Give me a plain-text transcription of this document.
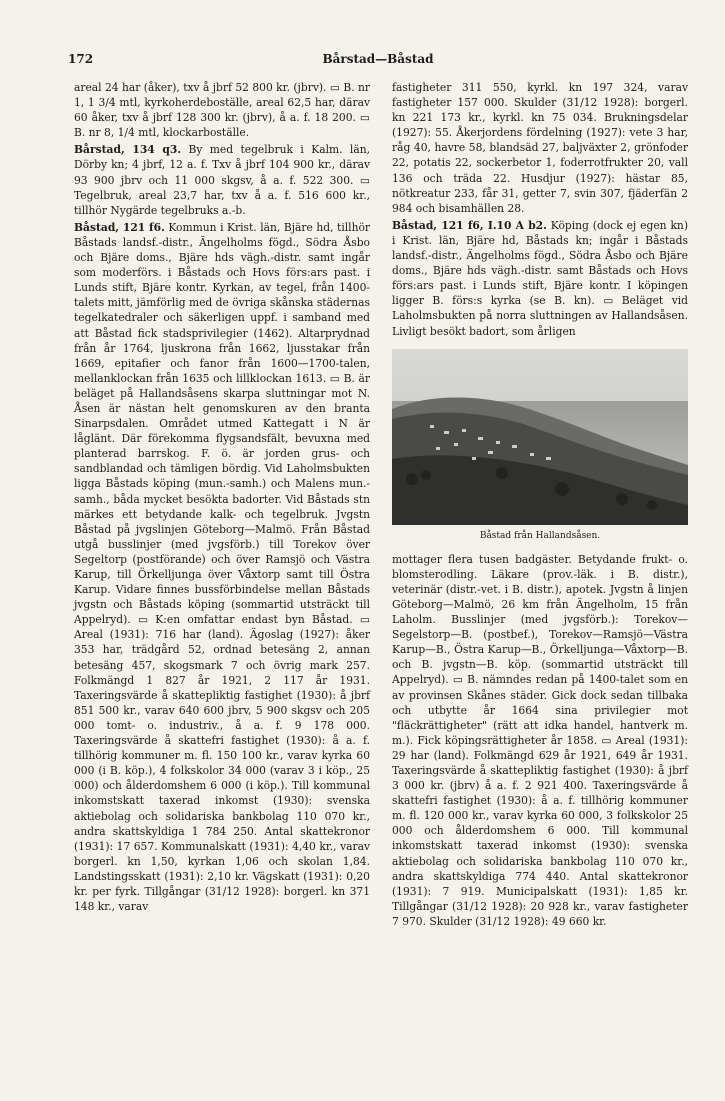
172	Bårstad—Båstad

areal 24 har (åker), txv å jbrf 52 800 kr. (jbrv). ▭ B. nr 1, 1 3/4 mtl, kyrkoherdeboställe, areal 62,5 har, därav 60 åker, txv å jbrf 128 300 kr. (jbrv), å a. f. 18 200. ▭ B. nr 8, 1/4 mtl, klockarboställe.

Bårstad, 134 q3. By med tegelbruk i Kalm. län, Dörby kn; 4 jbrf, 12 a. f. Txv å jbrf 104 900 kr., därav 93 900 jbrv och 11 000 skgsv, å a. f. 522 300. ▭ Tegelbruk, areal 23,7 har, txv å a. f. 516 600 kr., tillhör Nygärde tegelbruks a.-b.

Båstad, 121 f6. Kommun i Krist. län, Bjäre hd, tillhör Båstads landsf.-distr., Ängelholms fögd., Södra Åsbo och Bjäre doms., Bjäre hds vägh.-distr. samt ingår som moderförs. i Båstads och Hovs förs:ars past. i Lunds stift, Bjäre kontr. Kyrkan, av tegel, från 1400-talets mitt, jämförlig med de övriga skånska städernas tegelkatedraler och säkerligen uppf. i samband med att Båstad fick stadsprivilegier (1462). Altarprydnad från år 1764, ljuskrona från 1662, ljusstakar från 1669, epitafier och fanor från 1600—1700-talen, mellanklockan från 1635 och lillklockan 1613. ▭ B. är beläget på Hallandsåsens skarpa sluttningar mot N. Åsen är nästan helt genomskuren av den branta Sinarpsdalen. Området utmed Kattegatt i N är låglänt. Där förekomma flygsandsfält, bevuxna med planterad barrskog. F. ö. är jorden grus- och sandblandad och tämligen bördig. Vid Laholmsbukten ligga Båstads köping (mun.-samh.) och Malens mun.-samh., båda mycket besökta badorter. Vid Båstads stn märkes ett betydande kalk- och tegelbruk. Jvgstn Båstad på jvgslinjen Göteborg—Malmö. Från Båstad utgå busslinjer (med jvgsförb.) till Torekov över Segeltorp (postförande) och över Ramsjö och Västra Karup, till Örkelljunga över Våxtorp samt till Östra Karup. Vidare finnes bussförbindelse mellan Båstads jvgstn och Båstads köping (sommartid utsträckt till Appelryd). ▭ K:en omfattar endast byn Båstad. ▭ Areal (1931): 716 har (land). Ägoslag (1927): åker 353 har, trädgård 52, ordnad betesäng 2, annan betesäng 457, skogsmark 7 och övrig mark 257. Folkmängd 1 827 år 1921, 2 117 år 1931. Taxeringsvärde å skattepliktig fastighet (1930): å jbrf 851 500 kr., varav 640 600 jbrv, 5 900 skgsv och 205 000 tomt- o. industriv., å a. f. 9 178 000. Taxeringsvärde å skattefri fastighet (1930): å a. f. tillhörig kommuner m. fl. 150 100 kr., varav kyrka 60 000 (i B. köp.), 4 folkskolor 34 000 (varav 3 i köp., 25 000) och ålderdomshem 6 000 (i köp.). Till kommunal inkomstskatt taxerad inkomst (1930): svenska aktiebolag och solidariska bankbolag 110 070 kr., andra skattskyldiga 1 784 250. Antal skattekronor (1931): 17 657. Kommunalskatt (1931): 4,40 kr., varav borgerl. kn 1,50, kyrkan 1,06 och skolan 1,84. Landstingsskatt (1931): 2,10 kr. Vägskatt (1931): 0,20 kr. per fyrk. Tillgångar (31/12 1928): borgerl. kn 371 148 kr., varav

fastigheter 311 550, kyrkl. kn 197 324, varav fastigheter 157 000. Skulder (31/12 1928): borgerl. kn 221 173 kr., kyrkl. kn 75 034. Brukningsdelar (1927): 55. Åkerjordens fördelning (1927): vete 3 har, råg 40, havre 58, blandsäd 27, baljväxter 2, grönfoder 22, potatis 22, sockerbetor 1, foderrotfrukter 20, vall 136 och träda 22. Husdjur (1927): hästar 85, nötkreatur 233, får 31, getter 7, svin 307, fjäderfän 2 984 och bisamhällen 28.

Båstad, 121 f6, I.10 A b2. Köping (dock ej egen kn) i Krist. län, Bjäre hd, Båstads kn; ingår i Båstads landsf.-distr., Ängelholms fögd., Södra Åsbo och Bjäre doms., Bjäre hds vägh.-distr. samt Båstads och Hovs förs:ars past. i Lunds stift, Bjäre kontr. I köpingen ligger B. förs:s kyrka (se B. kn). ▭ Beläget vid Laholmsbukten på norra sluttningen av Hallandsåsen. Livligt besökt badort, som årligen

Båstad från Hallandsåsen.

mottager flera tusen badgäster. Betydande frukt- o. blomsterodling. Läkare (prov.-läk. i B. distr.), veterinär (distr.-vet. i B. distr.), apotek. Jvgstn å linjen Göteborg—Malmö, 26 km från Ängelholm, 15 från Laholm. Busslinjer (med jvgsförb.): Torekov—Segelstorp—B. (postbef.), Torekov—Ramsjö—Västra Karup—B., Östra Karup—B., Örkelljunga—Våxtorp—B. och B. jvgstn—B. köp. (sommartid utsträckt till Appelryd). ▭ B. nämndes redan på 1400-talet som en av provinsen Skånes städer. Gick dock sedan tillbaka och utbytte år 1664 sina privilegier mot "fläckrättigheter" (rätt att idka handel, hantverk m. m.). Fick köpingsrättigheter år 1858. ▭ Areal (1931): 29 har (land). Folkmängd 629 år 1921, 649 år 1931. Taxeringsvärde å skattepliktig fastighet (1930): å jbrf 3 000 kr. (jbrv) å a. f. 2 921 400. Taxeringsvärde å skattefri fastighet (1930): å a. f. tillhörig kommuner m. fl. 120 000 kr., varav kyrka 60 000, 3 folkskolor 25 000 och ålderdomshem 6 000. Till kommunal inkomstskatt taxerad inkomst (1930): svenska aktiebolag och solidariska bankbolag 110 070 kr., andra skattskyldiga 774 440. Antal skattekronor (1931): 7 919. Municipalskatt (1931): 1,85 kr. Tillgångar (31/12 1928): 20 928 kr., varav fastigheter 7 970. Skulder (31/12 1928): 49 660 kr.
